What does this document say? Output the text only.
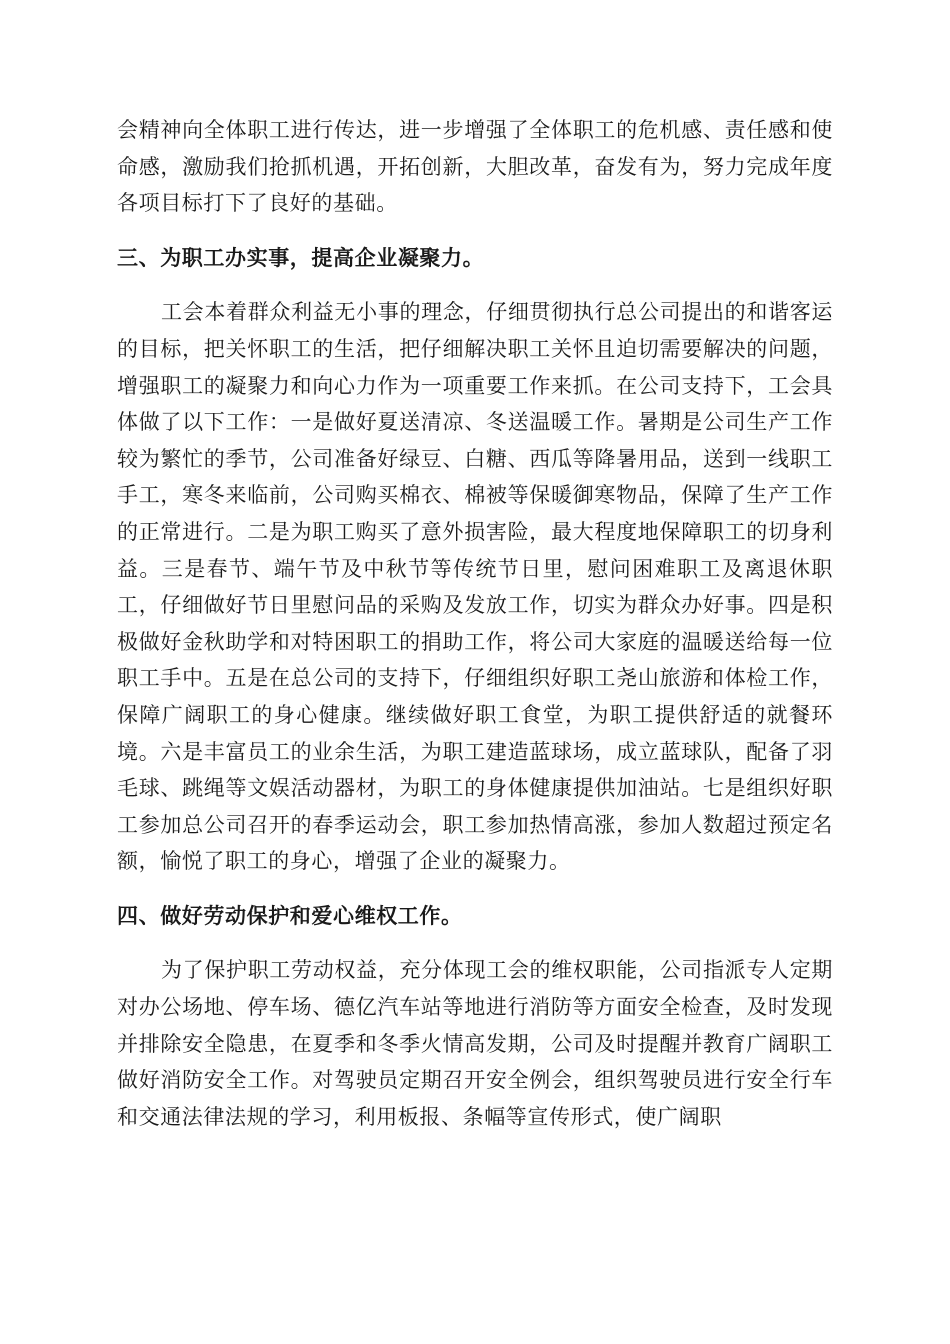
会精神向全体职工进行传达，进一步增强了全体职工的危机感、责任感和使命感，激励我们抢抓机遇，开拓创新，大胆改革，奋发有为，努力完成年度各项目标打下了良好的基础。

三、为职工办实事，提高企业凝聚力。

工会本着群众利益无小事的理念，仔细贯彻执行总公司提出的和谐客运的目标，把关怀职工的生活，把仔细解决职工关怀且迫切需要解决的问题，增强职工的凝聚力和向心力作为一项重要工作来抓。在公司支持下，工会具体做了以下工作：一是做好夏送清凉、冬送温暖工作。暑期是公司生产工作较为繁忙的季节，公司准备好绿豆、白糖、西瓜等降暑用品，送到一线职工手工，寒冬来临前，公司购买棉衣、棉被等保暖御寒物品，保障了生产工作的正常进行。二是为职工购买了意外损害险，最大程度地保障职工的切身利益。三是春节、端午节及中秋节等传统节日里，慰问困难职工及离退休职工，仔细做好节日里慰问品的采购及发放工作，切实为群众办好事。四是积极做好金秋助学和对特困职工的捐助工作，将公司大家庭的温暖送给每一位职工手中。五是在总公司的支持下，仔细组织好职工尧山旅游和体检工作，保障广阔职工的身心健康。继续做好职工食堂，为职工提供舒适的就餐环境。六是丰富员工的业余生活，为职工建造蓝球场，成立蓝球队，配备了羽毛球、跳绳等文娱活动器材，为职工的身体健康提供加油站。七是组织好职工参加总公司召开的春季运动会，职工参加热情高涨，参加人数超过预定名额，愉悦了职工的身心，增强了企业的凝聚力。

四、做好劳动保护和爱心维权工作。

为了保护职工劳动权益，充分体现工会的维权职能，公司指派专人定期对办公场地、停车场、德亿汽车站等地进行消防等方面安全检查，及时发现并排除安全隐患，在夏季和冬季火情高发期，公司及时提醒并教育广阔职工做好消防安全工作。对驾驶员定期召开安全例会，组织驾驶员进行安全行车和交通法律法规的学习，利用板报、条幅等宣传形式，使广阔职
